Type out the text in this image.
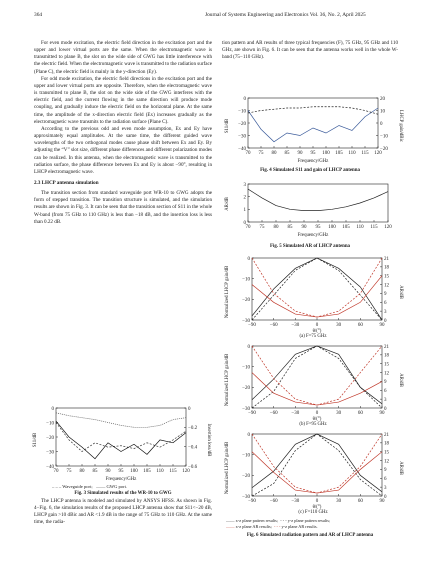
364	Journal of Systems Engineering and Electronics Vol. 36, No. 2, April 2025

For even mode excitation, the electric field direction in the excitation port and the upper and lower virtual ports are the same. When the electromagnetic wave is transmitted to plane B, the slot on the wide side of GWG has little interference with the electric field. When the electromagnetic wave is transmitted to the radiation surface (Plane C), the electric field is mainly in the y-direction (Ey).

For odd mode excitation, the electric field directions in the excitation port and the upper and lower virtual ports are opposite. Therefore, when the electromagnetic wave is transmitted to plane B, the slot on the wide side of the GWG interferes with the electric field, and the current flowing in the same direction will produce mode coupling, and gradually induce the electric field on the horizontal plane. At the same time, the amplitude of the x-direction electric field (Ex) increases gradually as the electromagnetic wave transmits to the radiation surface (Plane C).

According to the previous odd and even mode assumption, Ex and Ey have approximately equal amplitudes. At the same time, the different guided wave wavelengths of the two orthogonal modes cause phase shift between Ex and Ey. By adjusting the “V” slot size, different phase differences and different polarization modes can be realized. In this antenna, when the electromagnetic wave is transmitted to the radiation surface, the phase difference between Ex and Ey is about −90°, resulting in LHCP electromagnetic wave.

2.3 LHCP antenna simulation

The transition section from standard waveguide port WR-10 to GWG adopts the form of stepped transition. The transition structure is simulated, and the simulation results are shown in Fig. 3. It can be seen that the transition section of S11 in the whole W-band (from 75 GHz to 110 GHz) is less than −18 dB, and the insertion loss is less than 0.22 dB.

The LHCP antenna is modeled and simulated by ANSYS HFSS. As shown in Fig. 4−Fig. 6, the simulation results of the proposed LHCP antenna show that S11<−20 dB, LHCP gain >10 dBic and AR <1.9 dB in the range of 75 GHz to 110 GHz. At the same time, the radia-

tion pattern and AR results of three typical frequencies (F), 75 GHz, 95 GHz and 110 GHz, are shown in Fig. 6. It can be seen that the antenna works well in the whole W-band (75−110 GHz).

70 75 80 85 90 95 100 105 110 115 120
0
−10
−20
−30
−40
0
−0.2
−0.4
−0.6
S11/dB	Insertion loss/dB
Frequency/GHz
– – – Waveguide port; —— GWG port.
Fig. 3 Simulated results of the WR-10 to GWG
70 75 80 85 90 95 100 105 110 115 120
0
−10
−20
−30
−40
20
10
0
−10
−20
S11/dB	LHCP gain/dBic
Frequency/GHz
Fig. 4 Simulated S11 and gain of LHCP antenna
70 75 80 85 90 95 100 105 110 115 120
3
2
1
0
AR/dB
Frequency/GHz
Fig. 5 Simulated AR of LHCP antenna
−90	−60	−30	0	30	60	90
0
−10
−20
−30
21
18
15
12
9
6
3
0
Normalized LHCP gain/dB	AR/dB
θ/(°)
(a) F=75 GHz
−90	−60	−30	0	30	60	90
0
−10
−20
−30
21
18
15
12
9
6
3
0
Normalized LHCP gain/dB	AR/dB
θ/(°)
(b) F=95 GHz
−90	−60	−30	0	30	60	90
0
−10
−20
−30
21
18
15
12
9
6
3
0
Normalized LHCP gain/dB	AR/dB
θ/(°)
(c) F=110 GHz
—— x-z plane pattern results; - - - y-z plane pattern results;
—— x-z plane AR results; - - - y-z plane AR results.
Fig. 6 Simulated radiation pattern and AR of LHCP antenna
